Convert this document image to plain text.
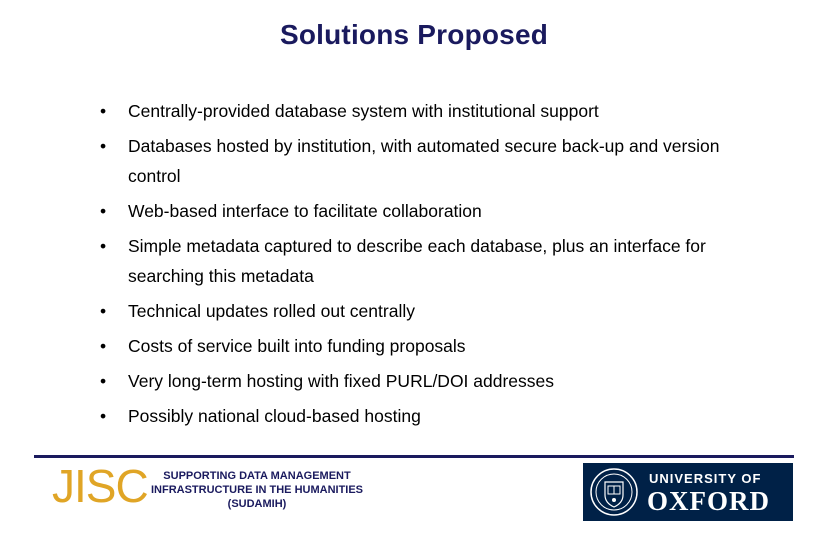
Solutions Proposed
• Centrally-provided database system with institutional support
• Databases hosted by institution, with automated secure back-up and version control
• Web-based interface to facilitate collaboration
• Simple metadata captured to describe each database, plus an interface for searching this metadata
• Technical updates rolled out centrally
• Costs of service built into funding proposals
• Very long-term hosting with fixed PURL/DOI addresses
• Possibly national cloud-based hosting
JISC	SUPPORTING DATA MANAGEMENT
INFRASTRUCTURE IN THE HUMANITIES
(SUDAMIH)
UNIVERSITY OF
OXFORD
